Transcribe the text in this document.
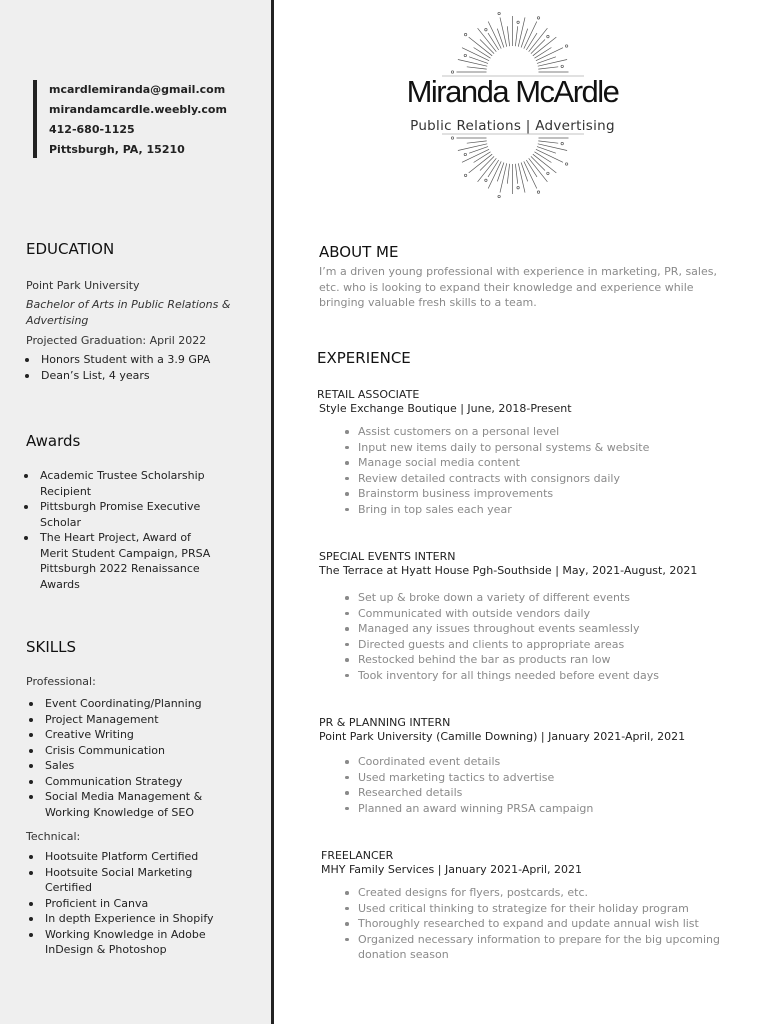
mcardlemiranda@gmail.com
mirandamcardle.weebly.com
412-680-1125
Pittsburgh, PA, 15210
EDUCATION
Point Park University
Bachelor of Arts in Public Relations & Advertising
Projected Graduation: April 2022
Honors Student with a 3.9 GPA
Dean’s List, 4 years
Awards
Academic Trustee Scholarship Recipient
Pittsburgh Promise Executive Scholar
The Heart Project, Award of Merit Student Campaign, PRSA Pittsburgh 2022 Renaissance Awards
SKILLS
Professional:
Event Coordinating/Planning
Project Management
Creative Writing
Crisis Communication
Sales
Communication Strategy
Social Media Management & Working Knowledge of SEO
Technical:
Hootsuite Platform Certified
Hootsuite Social Marketing Certified
Proficient in Canva
In depth Experience in Shopify
Working Knowledge in Adobe InDesign & Photoshop
Miranda McArdle
Public Relations | Advertising
ABOUT ME
I’m a driven young professional with experience in marketing, PR, sales, etc. who is looking to expand their knowledge and experience while bringing valuable fresh skills to a team.
EXPERIENCE
RETAIL ASSOCIATE
Style Exchange Boutique | June, 2018-Present
Assist customers on a personal level
Input new items daily to personal systems & website
Manage social media content
Review detailed contracts with consignors daily
Brainstorm business improvements
Bring in top sales each year
SPECIAL EVENTS INTERN
The Terrace at Hyatt House Pgh-Southside | May, 2021-August, 2021
Set up & broke down a variety of different events
Communicated with outside vendors daily
Managed any issues throughout events seamlessly
Directed guests and clients to appropriate areas
Restocked behind the bar as products ran low
Took inventory for all things needed before event days
PR & PLANNING INTERN
Point Park University (Camille Downing) | January 2021-April, 2021
Coordinated event details
Used marketing tactics to advertise
Researched details
Planned an award winning PRSA campaign
FREELANCER
MHY Family Services | January 2021-April, 2021
Created designs for flyers, postcards, etc.
Used critical thinking to strategize for their holiday program
Thoroughly researched to expand and update annual wish list
Organized necessary information to prepare for the big upcoming donation season
